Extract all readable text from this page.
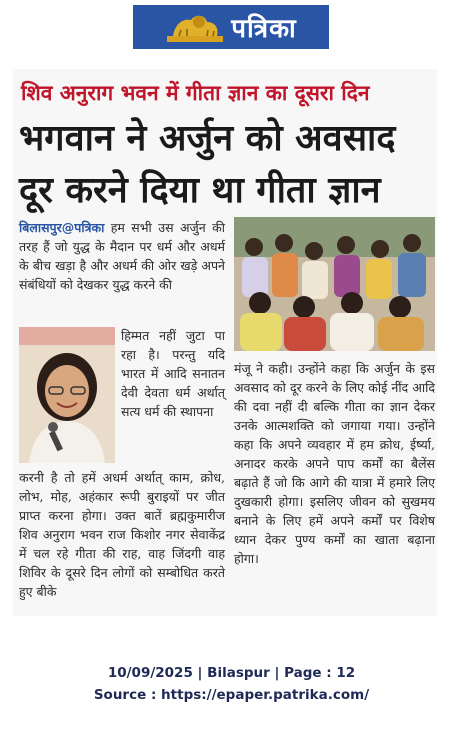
पत्रिका
शिव अनुराग भवन में गीता ज्ञान का दूसरा दिन
भगवान ने अर्जुन को अवसाद
दूर करने दिया था गीता ज्ञान
बिलासपुर@पत्रिका हम सभी उस अर्जुन की तरह हैं जो युद्ध के मैदान पर धर्म और अधर्म के बीच खड़ा है और अधर्म की ओर खड़े अपने संबंधियों को देखकर युद्ध करने की
हिम्मत नहीं जुटा पा रहा है। परन्तु यदि भारत में आदि सनातन देवी देवता धर्म अर्थात् सत्य धर्म की स्थापना
करनी है तो हमें अधर्म अर्थात् काम, क्रोध, लोभ, मोह, अहंकार रूपी बुराइयों पर जीत प्राप्त करना होगा। उक्त बातें ब्रह्मकुमारीज शिव अनुराग भवन राज किशोर नगर सेवाकेंद्र में चल रहे गीता की राह, वाह जिंदगी वाह शिविर के दूसरे दिन लोगों को सम्बोधित करते हुए बीके
मंजू ने कही। उन्होंने कहा कि अर्जुन के इस अवसाद को दूर करने के लिए कोई नींद आदि की दवा नहीं दी बल्कि गीता का ज्ञान देकर उनके आत्मशक्ति को जगाया गया। उन्होंने कहा कि अपने व्यवहार में हम क्रोध, ईर्ष्या, अनादर करके अपने पाप कर्मों का बैलेंस बढ़ाते हैं जो कि आगे की यात्रा में हमारे लिए दुखकारी होगा। इसलिए जीवन को सुखमय बनाने के लिए हमें अपने कर्मों पर विशेष ध्यान देकर पुण्य कर्मों का खाता बढ़ाना होगा।
10/09/2025 | Bilaspur | Page : 12
Source : https://epaper.patrika.com/
